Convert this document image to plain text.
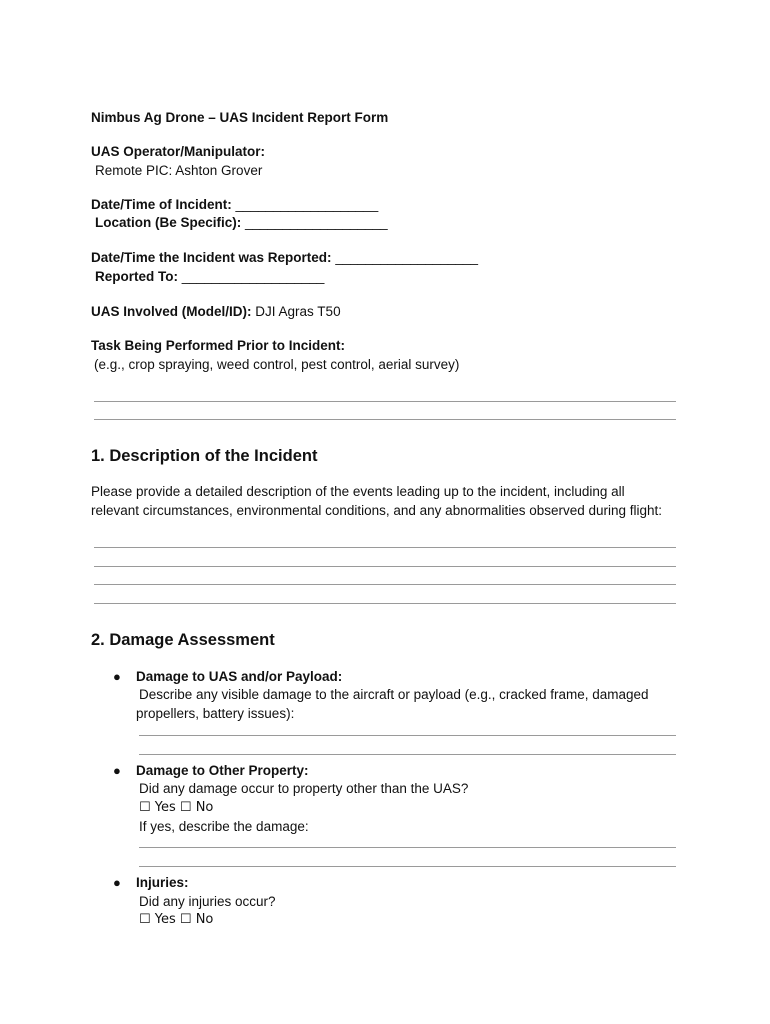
Nimbus Ag Drone – UAS Incident Report Form
UAS Operator/Manipulator:
Remote PIC: Ashton Grover
Date/Time of Incident: ___________________
Location (Be Specific): ___________________
Date/Time the Incident was Reported: ___________________
Reported To: ___________________
UAS Involved (Model/ID): DJI Agras T50
Task Being Performed Prior to Incident:
(e.g., crop spraying, weed control, pest control, aerial survey)
1. Description of the Incident
Please provide a detailed description of the events leading up to the incident, including all
relevant circumstances, environmental conditions, and any abnormalities observed during flight:
2. Damage Assessment
● Damage to UAS and/or Payload:
Describe any visible damage to the aircraft or payload (e.g., cracked frame, damaged
propellers, battery issues):
● Damage to Other Property:
Did any damage occur to property other than the UAS?
☐ Yes ☐ No
If yes, describe the damage:
● Injuries:
Did any injuries occur?
☐ Yes ☐ No
